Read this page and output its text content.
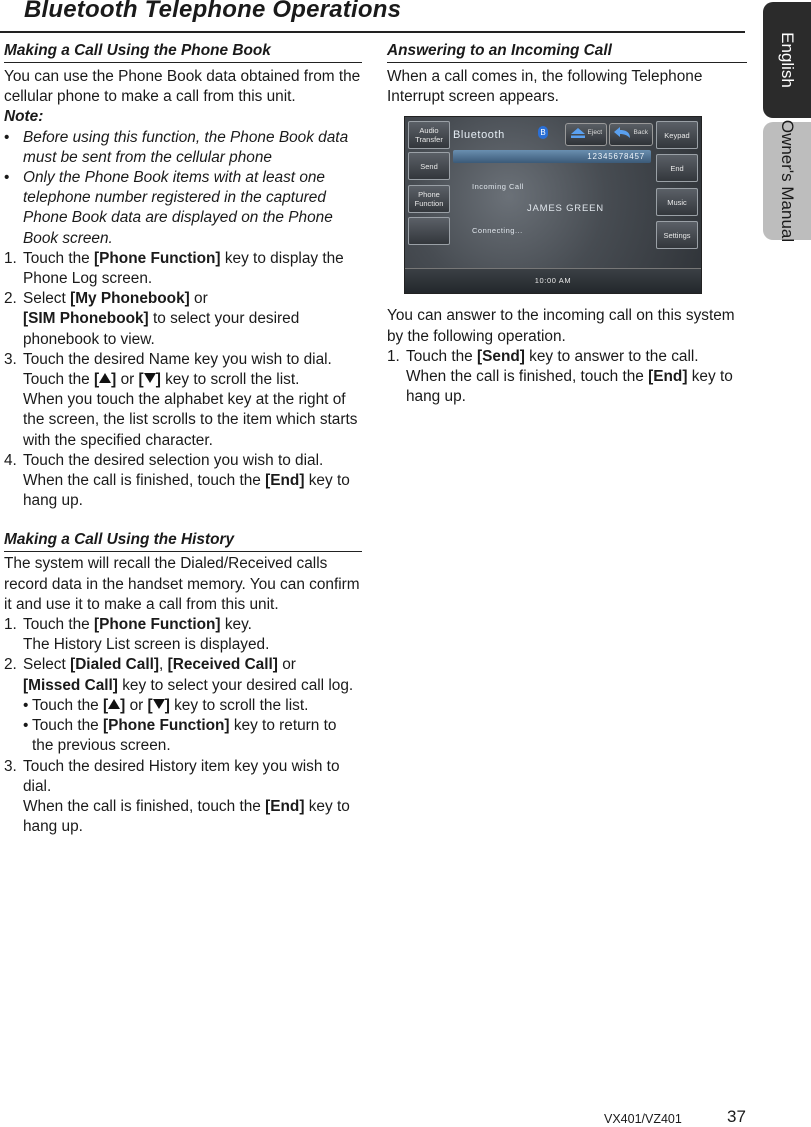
Bluetooth Telephone Operations
English
Owner's Manual
Making a Call Using the Phone Book

You can use the Phone Book data obtained from the cellular phone to make a call from this unit.

Note:

• Before using this function, the Phone Book data must be sent from the cellular phone
• Only the Phone Book items with at least one telephone number registered in the captured Phone Book data are displayed on the Phone Book screen.
1. Touch the [Phone Function] key to display the Phone Log screen.
2. Select [My Phonebook] or
[SIM Phonebook] to select your desired phonebook to view.
3. Touch the desired Name key you wish to dial.
Touch the [ ] or [ ] key to scroll the list.
When you touch the alphabet key at the right of the screen, the list scrolls to the item which starts with the specified character.
4. Touch the desired selection you wish to dial.
When the call is finished, touch the [End] key to hang up.
Making a Call Using the History

The system will recall the Dialed/Received calls record data in the handset memory. You can confirm it and use it to make a call from this unit.

1. Touch the [Phone Function] key.
The History List screen is displayed.
2. Select [Dialed Call], [Received Call] or
[Missed Call] key to select your desired call log.
• Touch the [ ] or [ ] key to scroll the list.
• Touch the [Phone Function] key to return to the previous screen.
3. Touch the desired History item key you wish to dial.
When the call is finished, touch the [End] key to hang up.
Answering to an Incoming Call

When a call comes in, the following Telephone Interrupt screen appears.

Audio Transfer
Send
Phone Function
Bluetooth	B	Eject	Back	Keypad
End
Music
Settings
12345678457
Incoming Call
JAMES GREEN
Connecting...
10:00 AM

You can answer to the incoming call on this system by the following operation.

1. Touch the [Send] key to answer to the call.
When the call is finished, touch the [End] key to hang up.
VX401/VZ401	37
